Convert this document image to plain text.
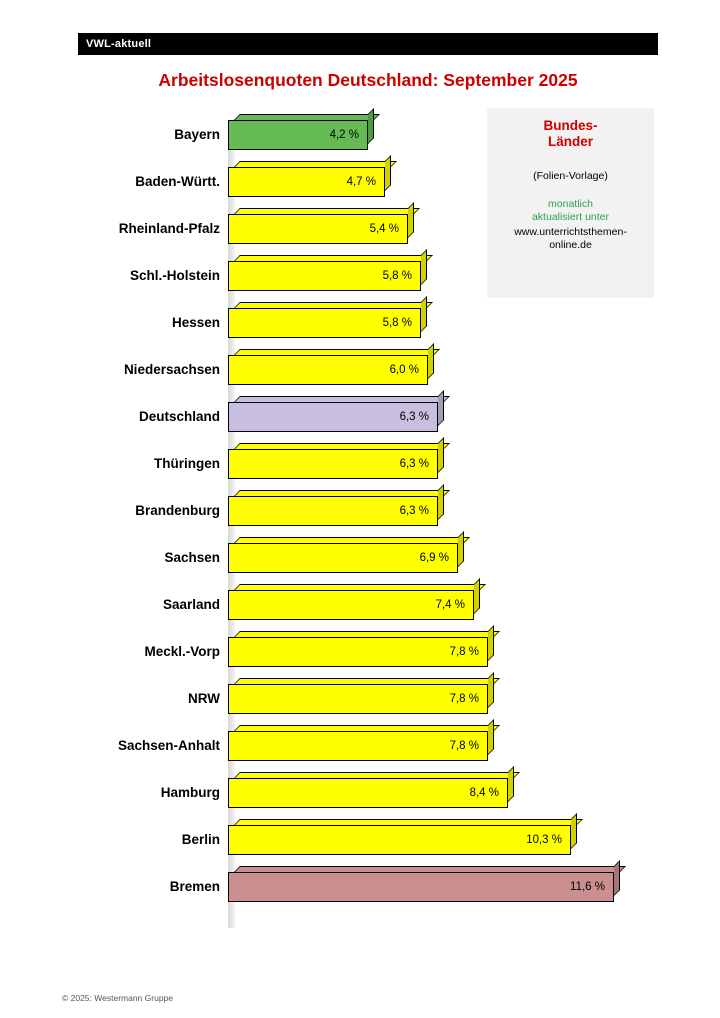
VWL-aktuell
Arbeitslosenquoten Deutschland: September 2025
Bundes-
Länder
(Folien-Vorlage)
monatlich
aktualisiert unter
www.unterrichtsthemen-
online.de
Bayern	4,2 %
Baden-Württ.	4,7 %
Rheinland-Pfalz	5,4 %
Schl.-Holstein	5,8 %
Hessen	5,8 %
Niedersachsen	6,0 %
Deutschland	6,3 %
Thüringen	6,3 %
Brandenburg	6,3 %
Sachsen	6,9 %
Saarland	7,4 %
Meckl.-Vorp	7,8 %
NRW	7,8 %
Sachsen-Anhalt	7,8 %
Hamburg	8,4 %
Berlin	10,3 %
Bremen	11,6 %
© 2025: Westermann Gruppe
